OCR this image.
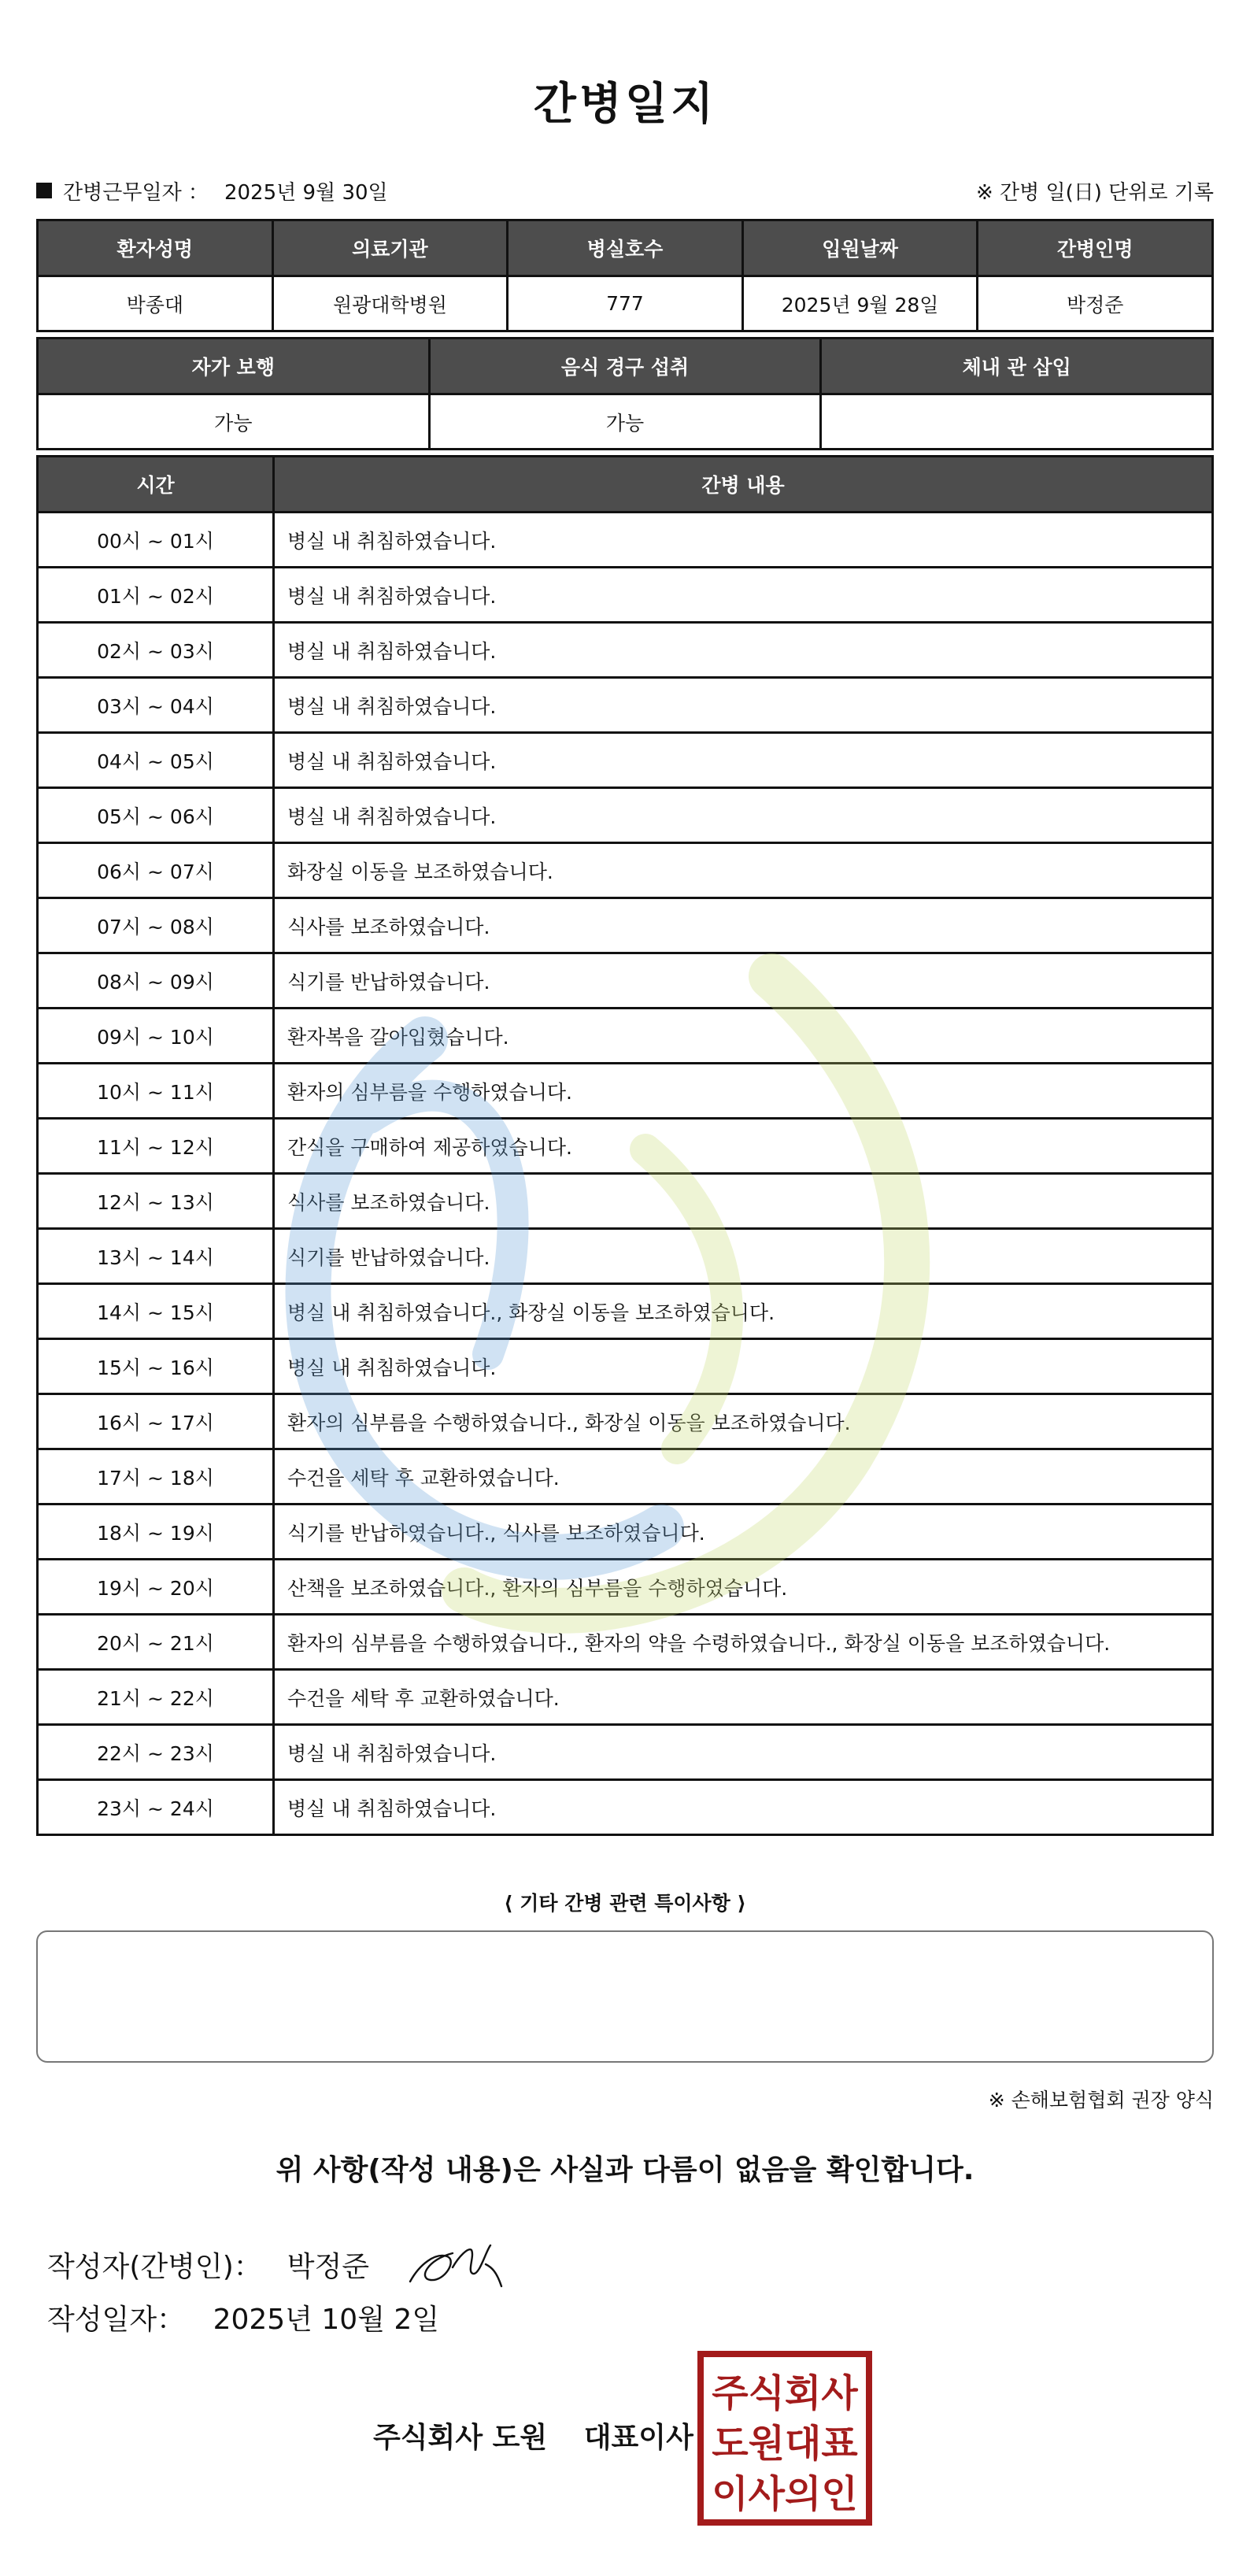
간병일지
간병근무일자 ： 2025년 9월 30일	※ 간병 일(日) 단위로 기록
환자성명	의료기관	병실호수	입원날짜	간병인명
박종대	원광대학병원	777	2025년 9월 28일	박정준
자가 보행	음식 경구 섭취	체내 관 삽입
가능	가능	
시간	간병 내용
00시 ~ 01시	병실 내 취침하였습니다.
01시 ~ 02시	병실 내 취침하였습니다.
02시 ~ 03시	병실 내 취침하였습니다.
03시 ~ 04시	병실 내 취침하였습니다.
04시 ~ 05시	병실 내 취침하였습니다.
05시 ~ 06시	병실 내 취침하였습니다.
06시 ~ 07시	화장실 이동을 보조하였습니다.
07시 ~ 08시	식사를 보조하였습니다.
08시 ~ 09시	식기를 반납하였습니다.
09시 ~ 10시	환자복을 갈아입혔습니다.
10시 ~ 11시	환자의 심부름을 수행하였습니다.
11시 ~ 12시	간식을 구매하여 제공하였습니다.
12시 ~ 13시	식사를 보조하였습니다.
13시 ~ 14시	식기를 반납하였습니다.
14시 ~ 15시	병실 내 취침하였습니다., 화장실 이동을 보조하였습니다.
15시 ~ 16시	병실 내 취침하였습니다.
16시 ~ 17시	환자의 심부름을 수행하였습니다., 화장실 이동을 보조하였습니다.
17시 ~ 18시	수건을 세탁 후 교환하였습니다.
18시 ~ 19시	식기를 반납하였습니다., 식사를 보조하였습니다.
19시 ~ 20시	산책을 보조하였습니다., 환자의 심부름을 수행하였습니다.
20시 ~ 21시	환자의 심부름을 수행하였습니다., 환자의 약을 수령하였습니다., 화장실 이동을 보조하였습니다.
21시 ~ 22시	수건을 세탁 후 교환하였습니다.
22시 ~ 23시	병실 내 취침하였습니다.
23시 ~ 24시	병실 내 취침하였습니다.
⟨ 기타 간병 관련 특이사항 ⟩
※ 손해보험협회 권장 양식
위 사항(작성 내용)은 사실과 다름이 없음을 확인합니다.
작성자(간병인)： 박정준
작성일자： 2025년 10월 2일
주식회사 도원 대표이사
주식회사
도원대표
이사의인
